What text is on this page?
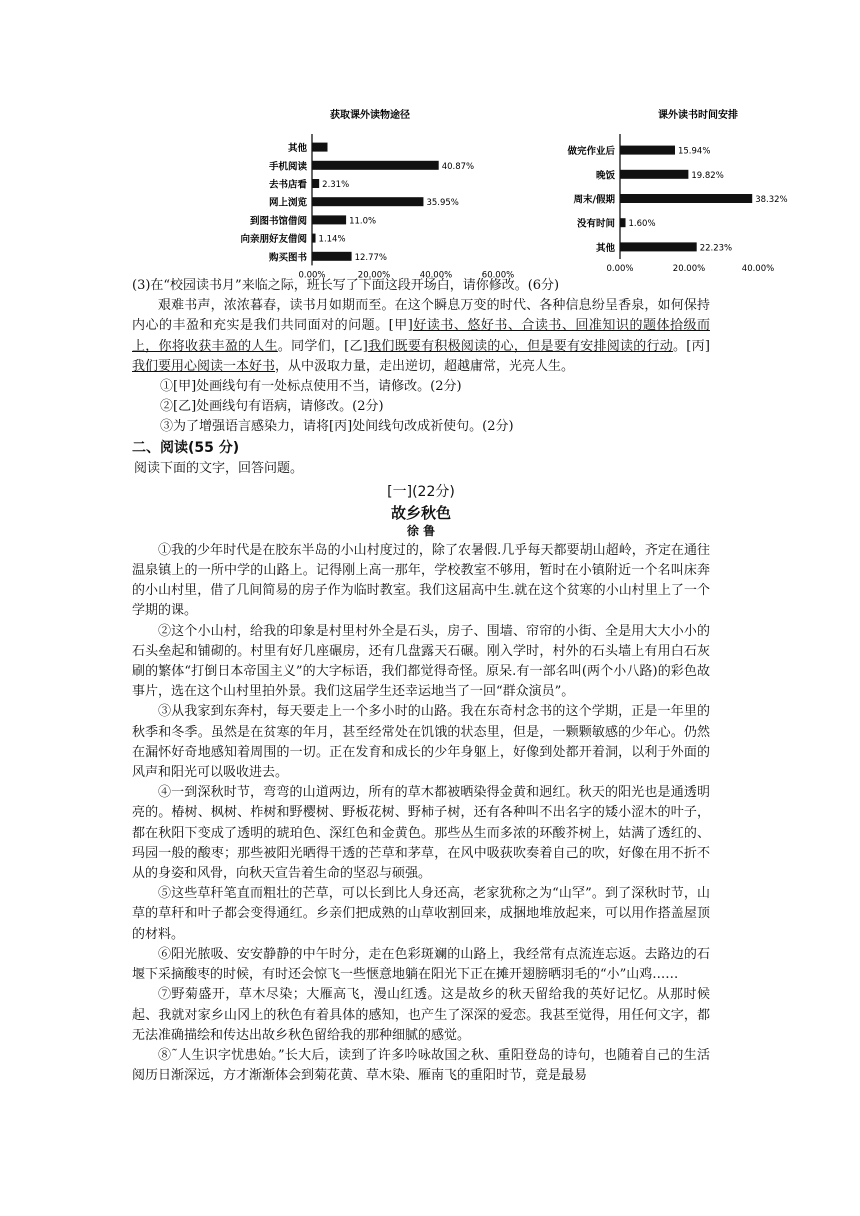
获取课外读物途径
其他
手机阅读	40.87%
去书店看 2.31%
网上浏览	35.95%
到图书馆借阅	11.0%
向亲朋好友借阅 1.14%
购买图书	12.77%
0.00%	20.00%	40.00%	60.00%
课外读书时间安排
做完作业后	15.94%
晚饭	19.82%
周末/假期	38.32%
没有时间 1.60%
其他	22.23%
0.00%	20.00%	40.00%

(3)在“校园读书月”来临之际，班长写了下面这段开场白，请你修改。(6分)

艰难书声，浓浓暮春，读书月如期而至。在这个瞬息万变的时代、各种信息纷呈香泉，如何保持内心的丰盈和充实是我们共同面对的问题。[甲]好读书、悠好书、合读书、回准知识的题体拾级而上，你将收获丰盈的人生。同学们，[乙]我们既要有积极阅读的心，但是要有安排阅读的行动。[丙]我们要用心阅读一本好书，从中汲取力量，走出逆切，超越庸常，光亮人生。

①[甲]处画线句有一处标点使用不当，请修改。(2分)

②[乙]处画线句有语病，请修改。(2分)

③为了增强语言感染力，请将[丙]处间线句改成祈使句。(2分)

二、阅读(55 分)

阅读下面的文字，回答问题。

[一](22分)

故乡秋色

徐 鲁

①我的少年时代是在胶东半岛的小山村度过的，除了农暑假.几乎每天都要胡山超岭，齐定在通往温泉镇上的一所中学的山路上。记得刚上高一那年，学校教室不够用，暂时在小镇附近一个名叫床奔的小山村里，借了几间简易的房子作为临时教室。我们这届高中生.就在这个贫寒的小山村里上了一个学期的课。

②这个小山村，给我的印象是村里村外全是石头，房子、围墙、帘帘的小街、全是用大大小小的石头垒起和铺砌的。村里有好几座碾房，还有几盘露天石碾。刚入学时，村外的石头墙上有用白石灰刷的繁体“打倒日本帝国主义”的大字标语，我们都觉得奇怪。原呆.有一部名叫(两个小八路)的彩色故事片，选在这个山村里拍外景。我们这届学生还幸运地当了一回“群众演员”。

③从我家到东奔村，每天要走上一个多小时的山路。我在东奇村念书的这个学期，正是一年里的秋季和冬季。虽然是在贫寒的年月，甚至经常处在饥饿的状态里，但是，一颗颗敏感的少年心。仍然在漏怀好奇地感知着周围的一切。正在发育和成长的少年身躯上，好像到处都开着洞，以利于外面的风声和阳光可以吸收进去。

④一到深秋时节，弯弯的山道两边，所有的草木都被晒染得金黄和迥红。秋天的阳光也是通透明亮的。椿树、枫树、柞树和野樱树、野板花树、野柿子树，还有各种叫不出名字的矮小涩木的叶子，都在秋阳下变成了透明的琥珀色、深红色和金黄色。那些丛生而多浓的环酸芥树上，姑满了透红的、玛园一般的酸枣；那些被阳光晒得干透的芒草和茅草，在风中吸荻吹奏着自己的吹，好像在用不折不从的身姿和风骨，向秋天宣告着生命的坚忍与硕强。

⑤这些草秆笔直而粗壮的芒草，可以长到比人身还高，老家犹称之为“山罕”。到了深秋时节，山草的草秆和叶子都会变得通红。乡亲们把成熟的山草收割回来，成捆地堆放起来，可以用作搭盖屋顶的材料。

⑥阳光脓吸、安安静静的中午时分，走在色彩斑斓的山路上，我经常有点流连忘返。去路边的石堰下采摘酸枣的时候，有时还会惊飞一些惬意地躺在阳光下正在摊开翅膀晒羽毛的“小”山鸡……

⑦野菊盛开，草木尽染；大雁高飞，漫山红透。这是故乡的秋天留给我的英好记忆。从那时候起、我就对家乡山冈上的秋色有着具体的感知，也产生了深深的爱恋。我甚至觉得，用任何文字，都无法准确描绘和传达出故乡秋色留给我的那种细腻的感觉。

⑧˜人生识字忧患始。”长大后，读到了许多吟咏故国之秋、重阳登岛的诗句，也随着自己的生活阅历日渐深远，方才渐渐体会到菊花黄、草木染、雁南飞的重阳时节，竟是最易
